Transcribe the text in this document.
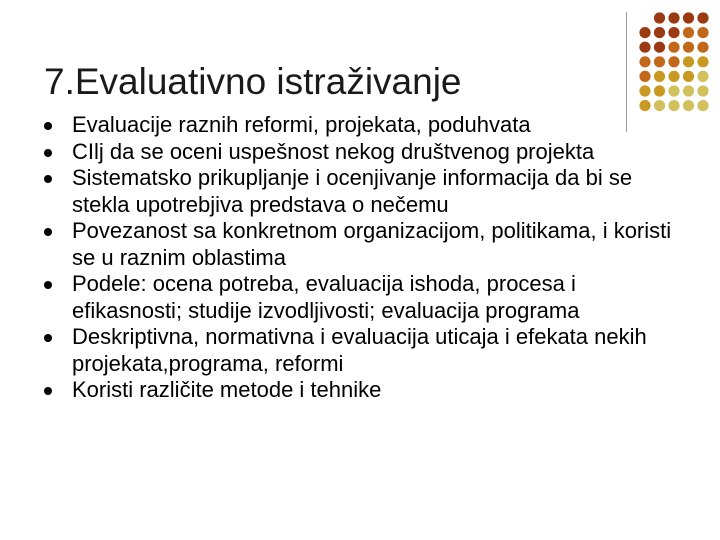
7.Evaluativno istraživanje
Evaluacije raznih reformi, projekata, poduhvata
CIlj da se oceni uspešnost nekog društvenog projekta
Sistematsko prikupljanje i ocenjivanje informacija da bi se stekla upotrebjiva predstava o nečemu
Povezanost sa konkretnom organizacijom, politikama, i koristi se u raznim oblastima
Podele: ocena potreba, evaluacija ishoda, procesa i efikasnosti; studije izvodljivosti; evaluacija programa
Deskriptivna, normativna i evaluacija uticaja i efekata nekih projekata,programa, reformi
Koristi različite metode i tehnike
